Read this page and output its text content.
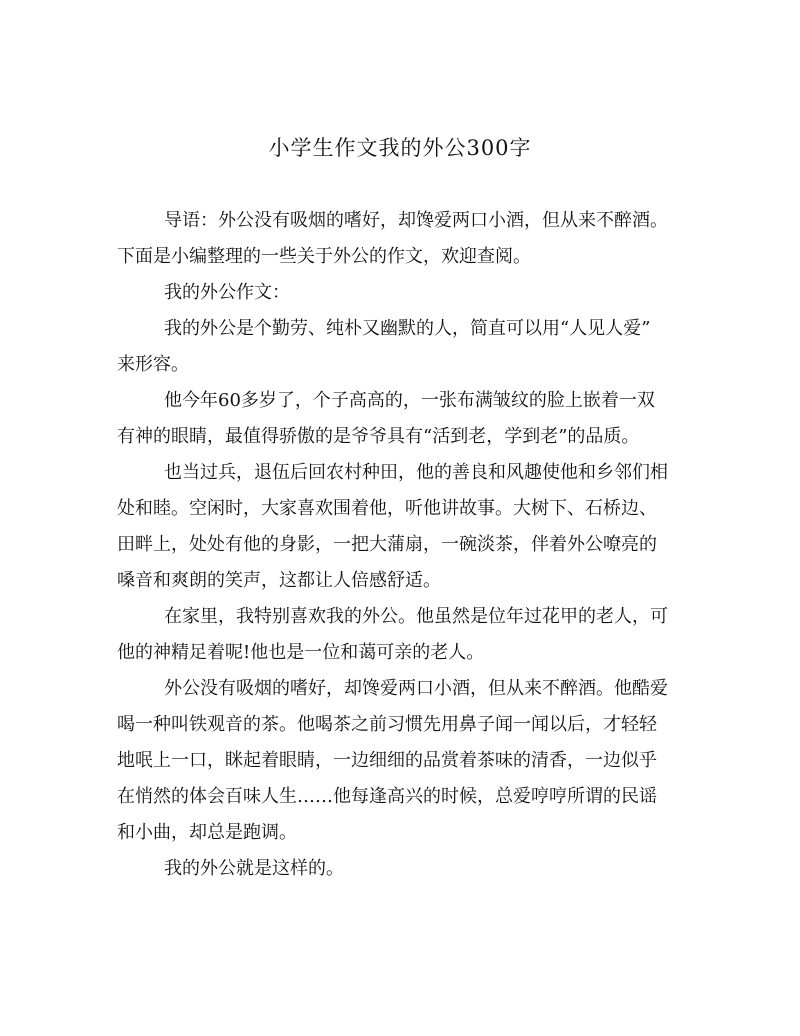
小学生作文我的外公300字
导语：外公没有吸烟的嗜好，却馋爱两口小酒，但从来不醉酒。
下面是小编整理的一些关于外公的作文，欢迎查阅。
我的外公作文：
我的外公是个勤劳、纯朴又幽默的人，简直可以用“人见人爱”
来形容。
他今年60多岁了，个子高高的，一张布满皱纹的脸上嵌着一双
有神的眼睛，最值得骄傲的是爷爷具有“活到老，学到老”的品质。
也当过兵，退伍后回农村种田，他的善良和风趣使他和乡邻们相
处和睦。空闲时，大家喜欢围着他，听他讲故事。大树下、石桥边、
田畔上，处处有他的身影，一把大蒲扇，一碗淡茶，伴着外公嘹亮的
嗓音和爽朗的笑声，这都让人倍感舒适。
在家里，我特别喜欢我的外公。他虽然是位年过花甲的老人，可
他的神精足着呢!他也是一位和蔼可亲的老人。
外公没有吸烟的嗜好，却馋爱两口小酒，但从来不醉酒。他酷爱
喝一种叫铁观音的茶。他喝茶之前习惯先用鼻子闻一闻以后，才轻轻
地呡上一口，眯起着眼睛，一边细细的品赏着茶味的清香，一边似乎
在悄然的体会百味人生……他每逢高兴的时候，总爱哼哼所谓的民谣
和小曲，却总是跑调。
我的外公就是这样的。
